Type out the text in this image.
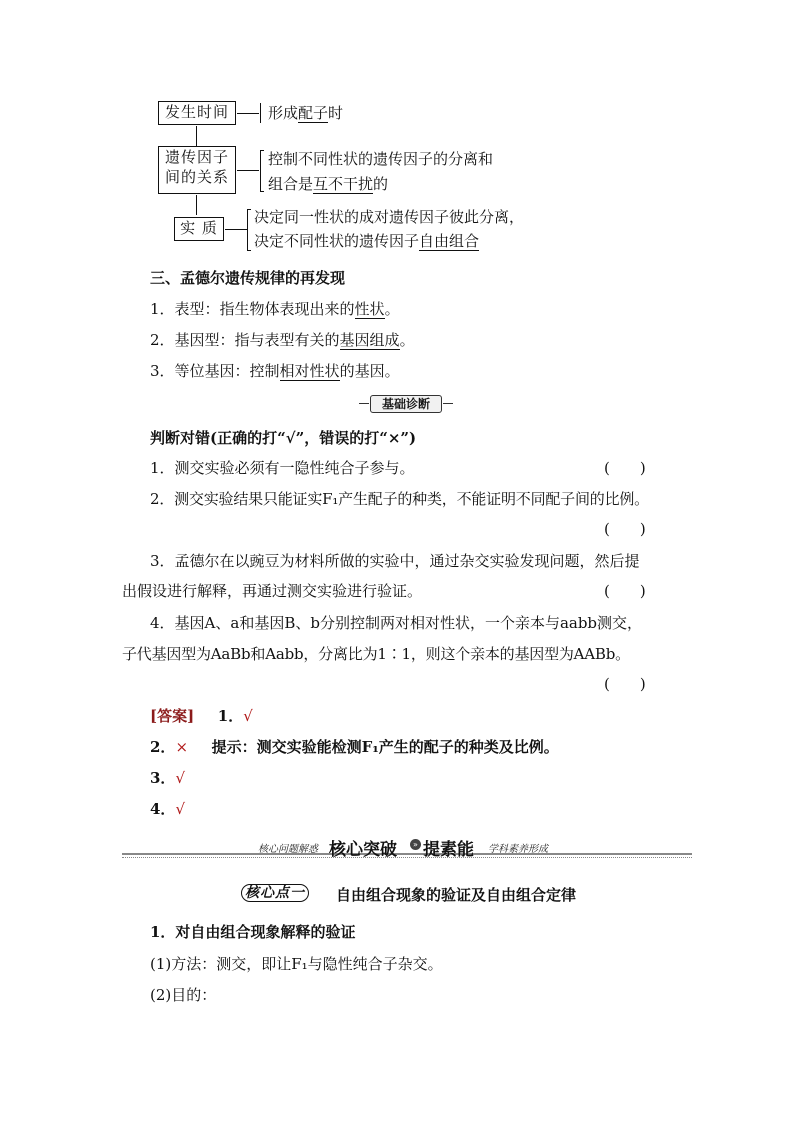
发生时间	形成配子时
遗传因子
间的关系
控制不同性状的遗传因子的分离和
组合是互不干扰的
实 质
决定同一性状的成对遗传因子彼此分离，
决定不同性状的遗传因子自由组合
三、孟德尔遗传规律的再发现
1．表型：指生物体表现出来的性状。
2．基因型：指与表型有关的基因组成。
3．等位基因：控制相对性状的基因。
基础诊断
判断对错(正确的打“√”，错误的打“×”)
1．测交实验必须有一隐性纯合子参与。	(　　)
2．测交实验结果只能证实F₁产生配子的种类，不能证明不同配子间的比例。
(　　)
3．孟德尔在以豌豆为材料所做的实验中，通过杂交实验发现问题，然后提
出假设进行解释，再通过测交实验进行验证。	(　　)
4．基因A、a和基因B、b分别控制两对相对性状，一个亲本与aabb测交，
子代基因型为AaBb和Aabb，分离比为1∶1，则这个亲本的基因型为AABb。
(　　)
[答案] 1．√
2．× 提示：测交实验能检测F₁产生的配子的种类及比例。
3．√
4．√
核心问题解惑 核心突破	» 提素能 学科素养形成
核心点一	自由组合现象的验证及自由组合定律
1．对自由组合现象解释的验证
(1)方法：测交，即让F₁与隐性纯合子杂交。
(2)目的：
